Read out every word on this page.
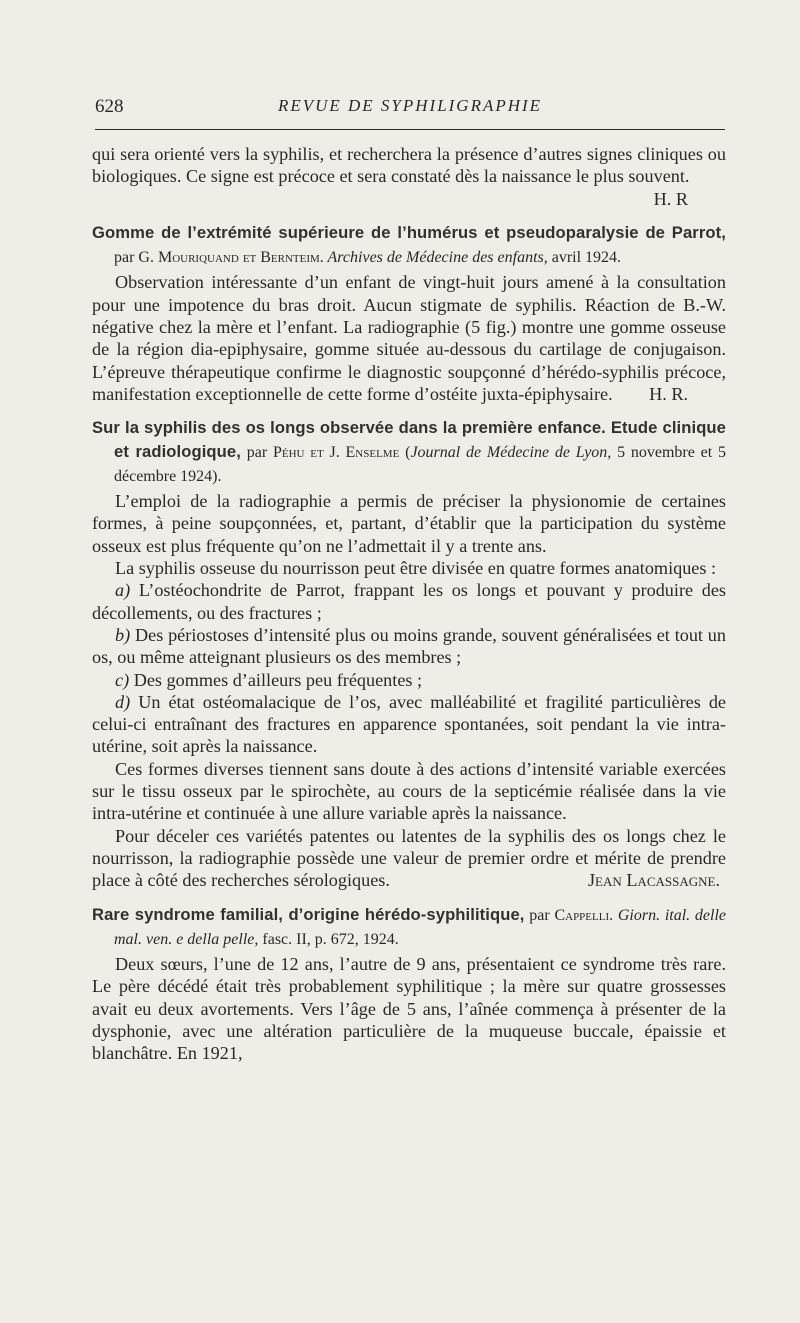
REVUE DE SYPHILIGRAPHIE
628

qui sera orienté vers la syphilis, et recherchera la présence d’autres signes cliniques ou biologiques. Ce signe est précoce et sera constaté dès la naissance le plus souvent.
H. R

Gomme de l’extrémité supérieure de l’humérus et pseudoparalysie de Parrot, par G. Mouriquand et Bernteim. Archives de Médecine des enfants, avril 1924.

Observation intéressante d’un enfant de vingt-huit jours amené à la consultation pour une impotence du bras droit. Aucun stigmate de syphilis. Réaction de B.-W. négative chez la mère et l’enfant. La radiographie (5 fig.) montre une gomme osseuse de la région dia-epiphysaire, gomme située au-dessous du cartilage de conjugaison. L’épreuve thérapeutique confirme le diagnostic soupçonné d’hérédo-syphilis précoce, manifestation exceptionnelle de cette forme d’ostéite juxta-épiphysaire.	H. R.

Sur la syphilis des os longs observée dans la première enfance. Etude clinique et radiologique, par Péhu et J. Enselme (Journal de Médecine de Lyon, 5 novembre et 5 décembre 1924).

L’emploi de la radiographie a permis de préciser la physionomie de certaines formes, à peine soupçonnées, et, partant, d’établir que la participation du système osseux est plus fréquente qu’on ne l’admettait il y a trente ans.

La syphilis osseuse du nourrisson peut être divisée en quatre formes anatomiques :

a) L’ostéochondrite de Parrot, frappant les os longs et pouvant y produire des décollements, ou des fractures ;

b) Des périostoses d’intensité plus ou moins grande, souvent généralisées et tout un os, ou même atteignant plusieurs os des membres ;

c) Des gommes d’ailleurs peu fréquentes ;

d) Un état ostéomalacique de l’os, avec malléabilité et fragilité particulières de celui-ci entraînant des fractures en apparence spontanées, soit pendant la vie intra-utérine, soit après la naissance.

Ces formes diverses tiennent sans doute à des actions d’intensité variable exercées sur le tissu osseux par le spirochète, au cours de la septicémie réalisée dans la vie intra-utérine et continuée à une allure variable après la naissance.

Pour déceler ces variétés patentes ou latentes de la syphilis des os longs chez le nourrisson, la radiographie possède une valeur de premier ordre et mérite de prendre place à côté des recherches sérologiques.	Jean Lacassagne.

Rare syndrome familial, d’origine hérédo-syphilitique, par Cappelli. Giorn. ital. delle mal. ven. e della pelle, fasc. II, p. 672, 1924.

Deux sœurs, l’une de 12 ans, l’autre de 9 ans, présentaient ce syndrome très rare. Le père décédé était très probablement syphilitique ; la mère sur quatre grossesses avait eu deux avortements. Vers l’âge de 5 ans, l’aînée commença à présenter de la dysphonie, avec une altération particulière de la muqueuse buccale, épaissie et blanchâtre. En 1921,
